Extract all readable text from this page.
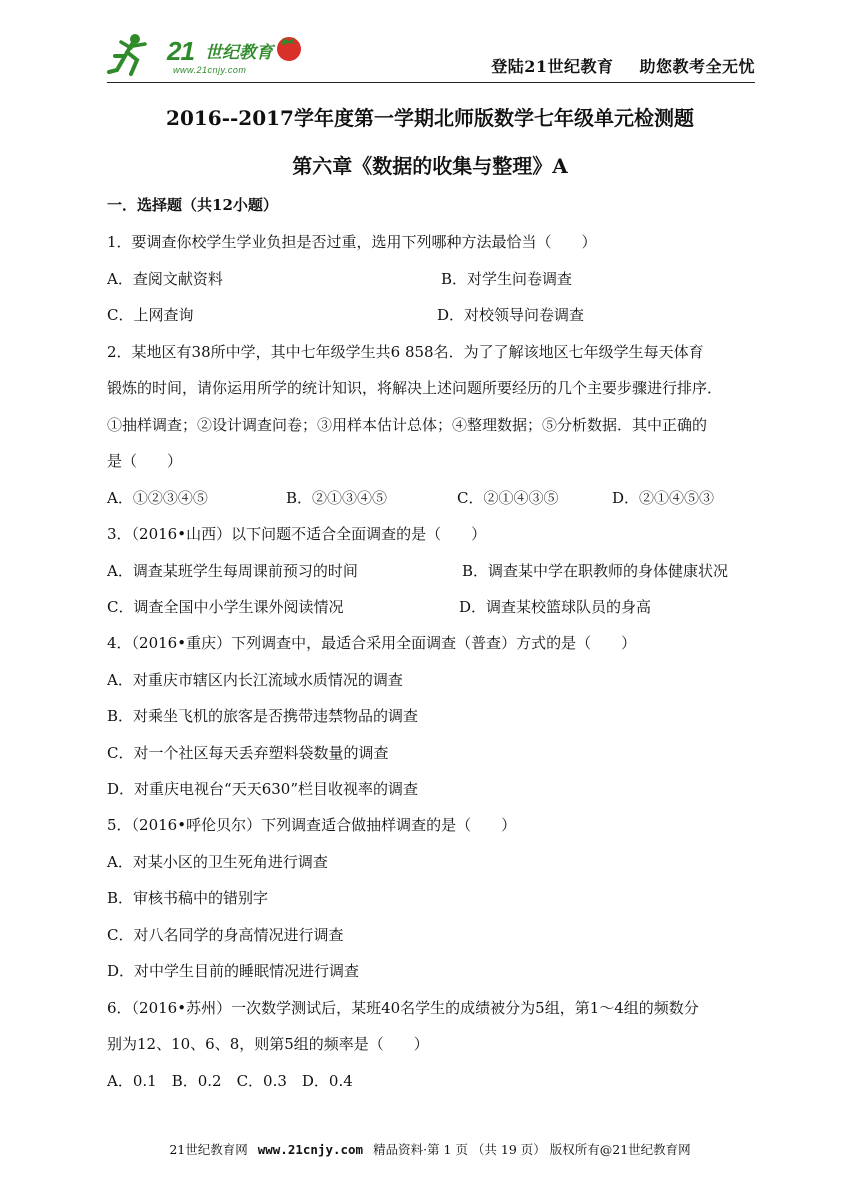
21 世纪教育
www.21cnjy.com	登陆21世纪教育 助您教考全无忧
2016--2017学年度第一学期北师版数学七年级单元检测题
第六章《数据的收集与整理》A
一．选择题（共12小题）
1．要调查你校学生学业负担是否过重，选用下列哪种方法最恰当（　　）
A．查阅文献资料	B．对学生问卷调查
C．上网查询	D．对校领导问卷调查
2．某地区有38所中学，其中七年级学生共6 858名．为了了解该地区七年级学生每天体育
锻炼的时间，请你运用所学的统计知识，将解决上述问题所要经历的几个主要步骤进行排序．
①抽样调查；②设计调查问卷；③用样本估计总体；④整理数据；⑤分析数据．其中正确的
是（　　）
A．①②③④⑤	B．②①③④⑤	C．②①④③⑤	D．②①④⑤③
3．（2016•山西）以下问题不适合全面调查的是（　　）
A．调查某班学生每周课前预习的时间	B．调查某中学在职教师的身体健康状况
C．调查全国中小学生课外阅读情况	D．调查某校篮球队员的身高
4．（2016•重庆）下列调查中，最适合采用全面调查（普查）方式的是（　　）
A．对重庆市辖区内长江流域水质情况的调查
B．对乘坐飞机的旅客是否携带违禁物品的调查
C．对一个社区每天丢弃塑料袋数量的调查
D．对重庆电视台“天天630”栏目收视率的调查
5．（2016•呼伦贝尔）下列调查适合做抽样调查的是（　　）
A．对某小区的卫生死角进行调查
B．审核书稿中的错别字
C．对八名同学的身高情况进行调查
D．对中学生目前的睡眠情况进行调查
6．（2016•苏州）一次数学测试后，某班40名学生的成绩被分为5组，第1～4组的频数分
别为12、10、6、8，则第5组的频率是（　　）
A．0.1　B．0.2　C．0.3　D．0.4
21世纪教育网 www.21cnjy.com 精品资料·第 1 页 （共 19 页） 版权所有@21世纪教育网
